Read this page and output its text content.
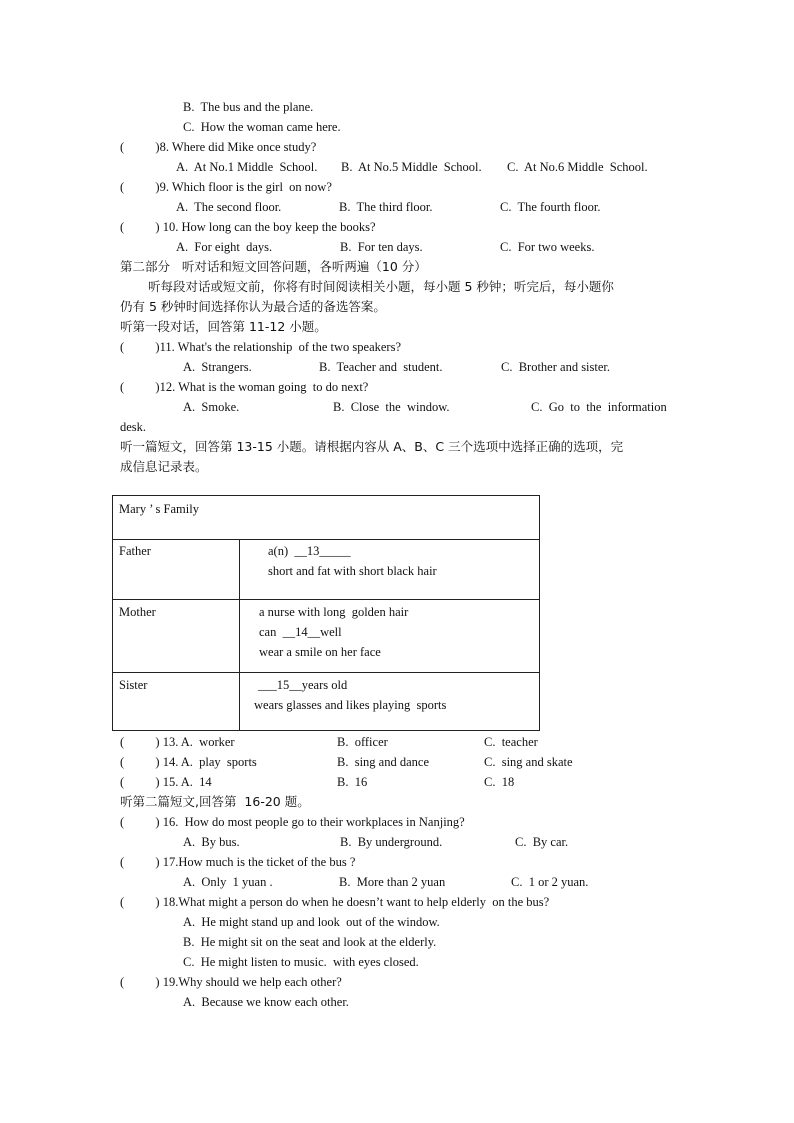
B.  The bus and the plane.
C.  How the woman came here.
(          )8. Where did Mike once study?
A.  At No.1 Middle  School. B.  At No.5 Middle  School. C.  At No.6 Middle  School.
(          )9. Which floor is the girl  on now?
A.  The second floor.	B.  The third floor.	C.  The fourth floor.
(          ) 10. How long can the boy keep the books?
A.  For eight  days.	B.  For ten days.	C.  For two weeks.
第二部分   听对话和短文回答问题，各听两遍（10 分）
听每段对话或短文前，你将有时间阅读相关小题，每小题 5 秒钟；听完后，每小题你
仍有 5 秒钟时间选择你认为最合适的备选答案。
听第一段对话，回答第 11-12 小题。
(          )11. What's the relationship  of the two speakers?
A.  Strangers.	B.  Teacher and  student.	C.  Brother and sister.
(          )12. What is the woman going  to do next?
A.  Smoke.	B.  Close  the  window.	C.  Go  to  the  information
desk.
听一篇短文，回答第 13-15 小题。请根据内容从 A、B、C 三个选项中选择正确的选项，完
成信息记录表。
Mary ’ s Family	

Father	a(n)  __13_____
short and fat with short black hair

Mother	a nurse with long  golden hair
can  __14__well
wear a smile on her face

Sister	___15__years old
wears glasses and likes playing  sports
(          ) 13. A.  worker	B.  officer	C.  teacher
(          ) 14. A.  play  sports	B.  sing and dance	C.  sing and skate
(          ) 15. A.  14	B.  16	C.  18
听第二篇短文,回答第  16-20 题。
(          ) 16.  How do most people go to their workplaces in Nanjing?
A.  By bus.	B.  By underground.	C.  By car.
(          ) 17.How much is the ticket of the bus ?
A.  Only  1 yuan .	B.  More than 2 yuan	C.  1 or 2 yuan.
(          ) 18.What might a person do when he doesn’t want to help elderly  on the bus?
A.  He might stand up and look  out of the window.
B.  He might sit on the seat and look at the elderly.
C.  He might listen to music.  with eyes closed.
(          ) 19.Why should we help each other?
A.  Because we know each other.
